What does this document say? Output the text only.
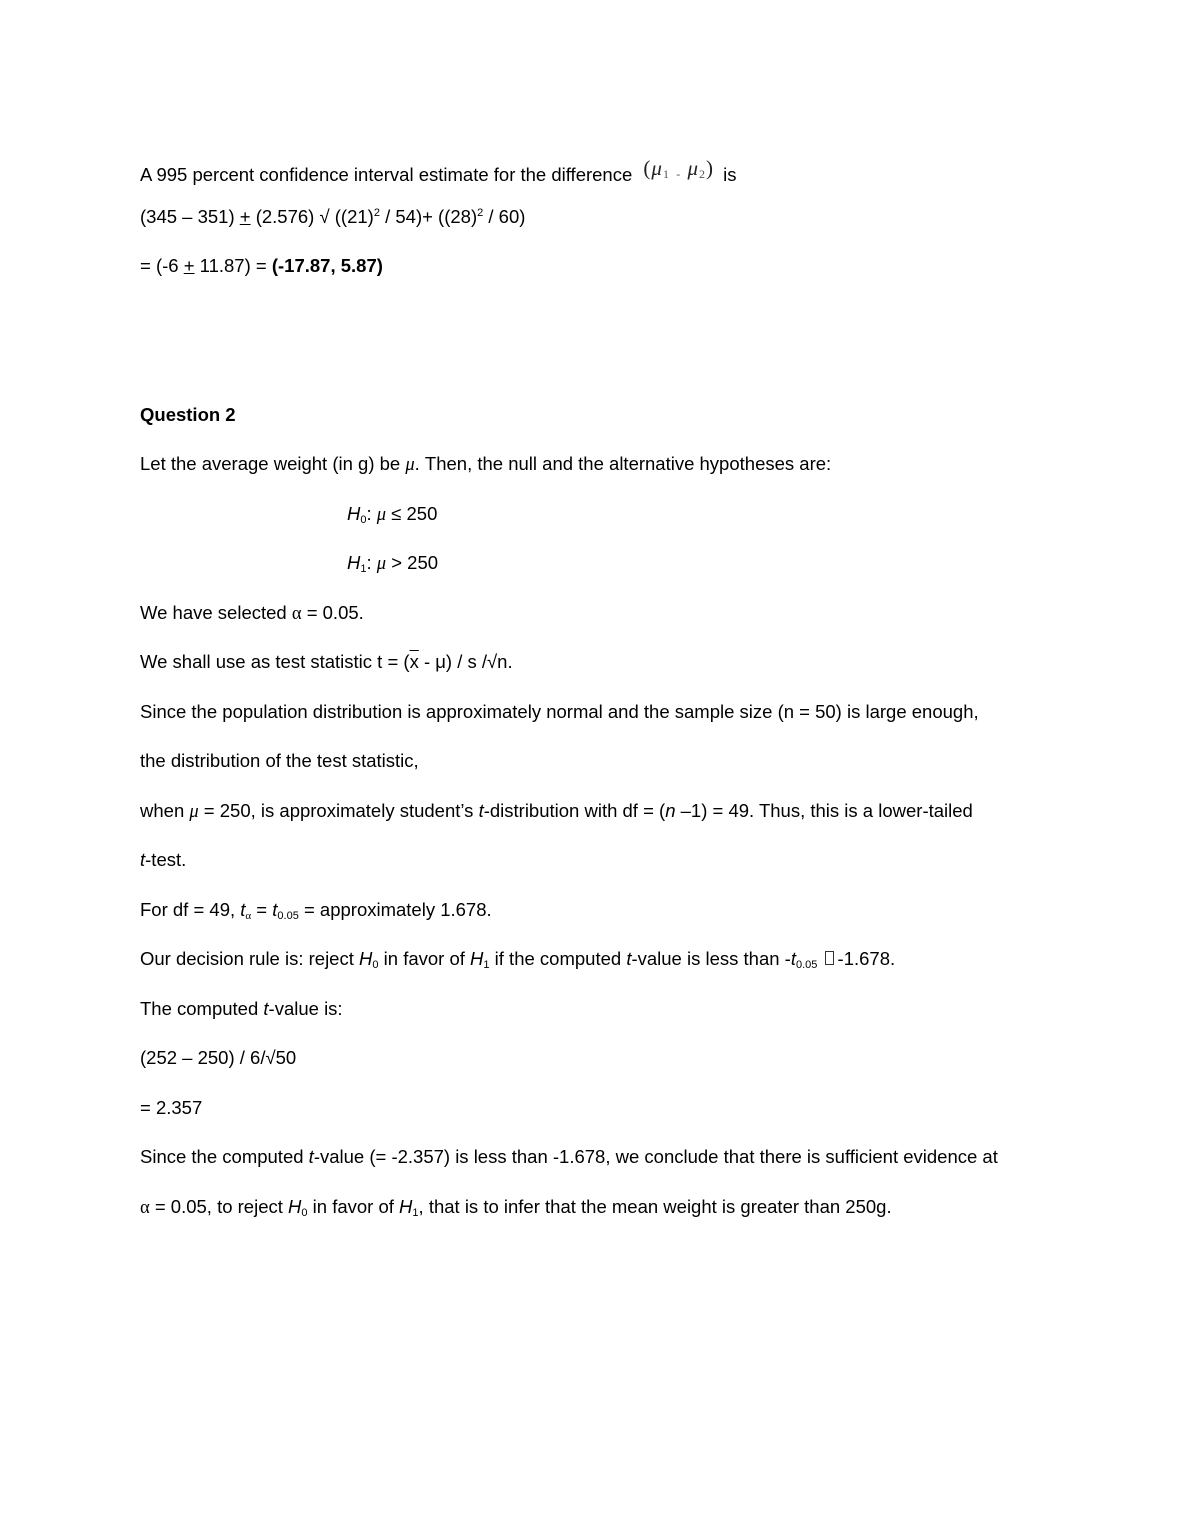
A 995 percent confidence interval estimate for the difference (μ1 - μ2) is
(345 – 351) + (2.576) √ $((21)^2 / 54)+ ((28)^2 / 60)$
= (-6 + 11.87) = (-17.87, 5.87)
Question 2
Let the average weight (in g) be μ. Then, the null and the alternative hypotheses are:
$H_0$: μ ≤ 250
$H_1$: μ > 250
We have selected α = 0.05.
We shall use as test statistic $t = (\overline{x} - \mu) / s$ /√n.
Since the population distribution is approximately normal and the sample size (n = 50) is large enough,
the distribution of the test statistic,
when μ = 250, is approximately student’s t-distribution with df = (n –1) = 49. Thus, this is a lower-tailed
t-test.
For df = 49, $t_\alpha = t_{0.05}$ = approximately 1.678.
Our decision rule is: reject $H_0$ in favor of $H_1$ if the computed t-value is less than $-t_{0.05}$ -1.678.
The computed t-value is:
(252 – 250) / 6/√50
= 2.357
Since the computed t-value (= -2.357) is less than -1.678, we conclude that there is sufficient evidence at
α = 0.05, to reject $H_0$ in favor of $H_1$, that is to infer that the mean weight is greater than 250g.
